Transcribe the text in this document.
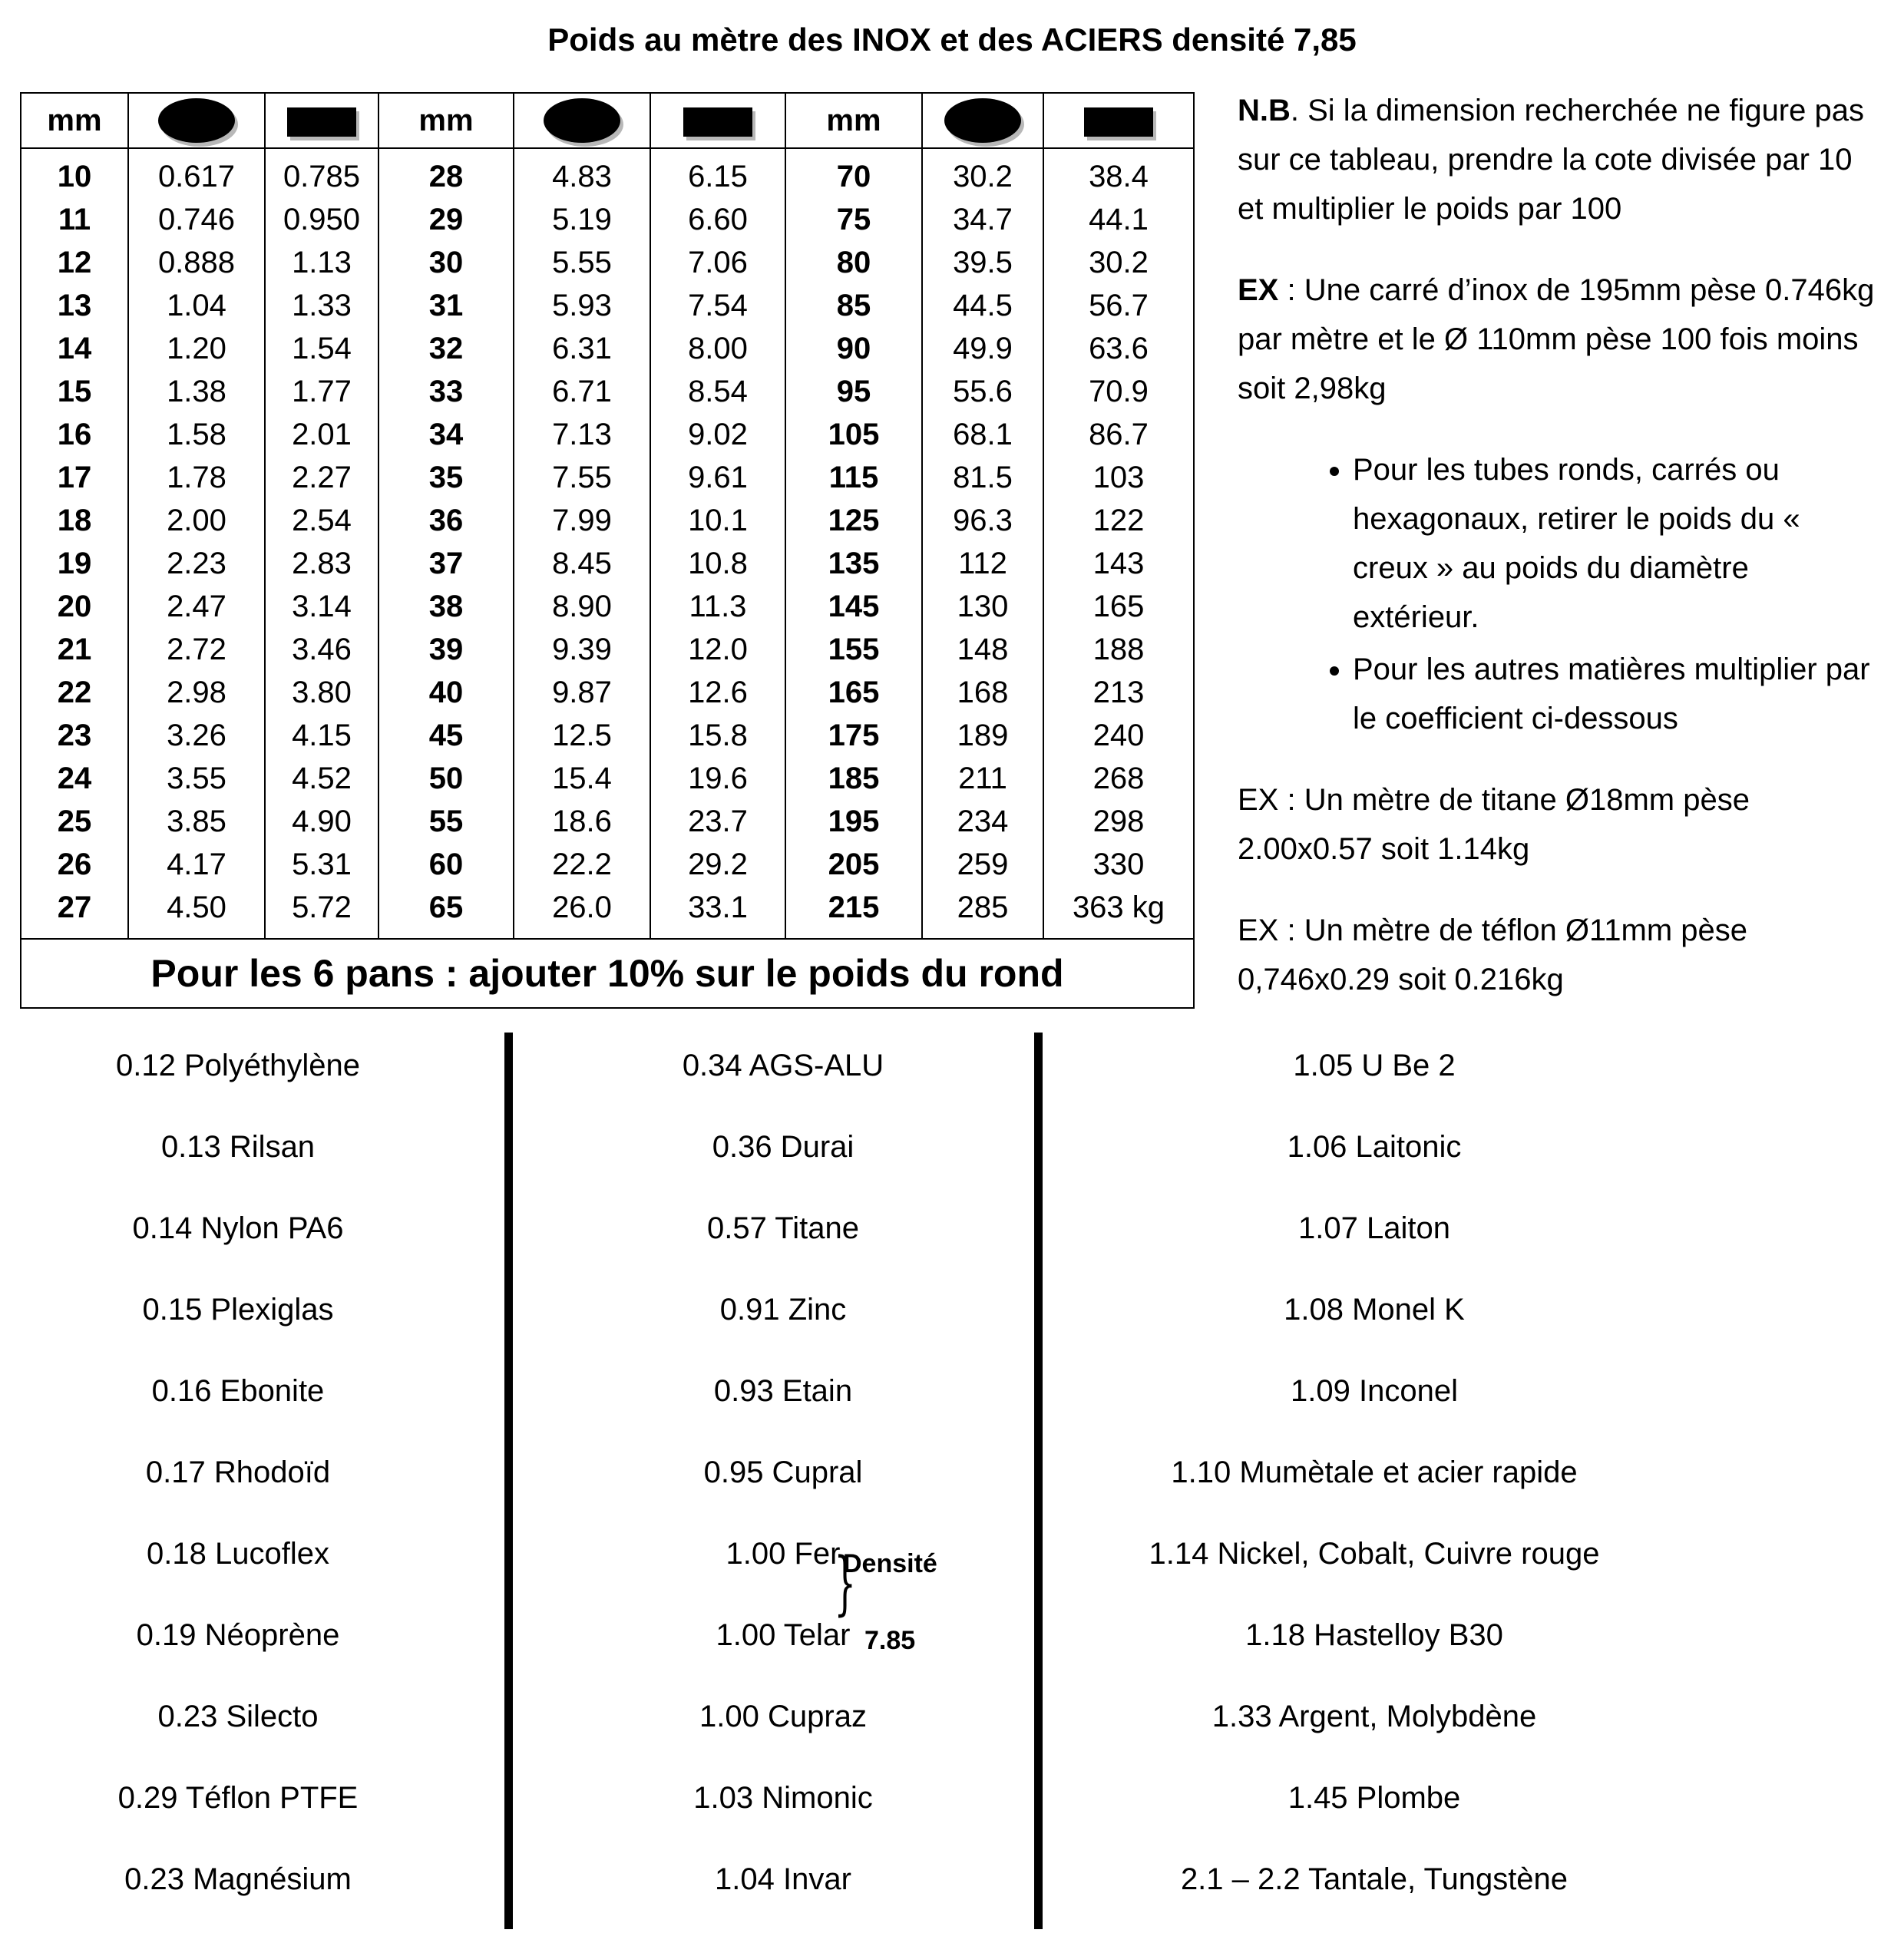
Poids au mètre des INOX et des ACIERS densité 7,85
mm			mm			mm		
10	0.617	0.785	28	4.83	6.15	70	30.2	38.4
11	0.746	0.950	29	5.19	6.60	75	34.7	44.1
12	0.888	1.13	30	5.55	7.06	80	39.5	30.2
13	1.04	1.33	31	5.93	7.54	85	44.5	56.7
14	1.20	1.54	32	6.31	8.00	90	49.9	63.6
15	1.38	1.77	33	6.71	8.54	95	55.6	70.9
16	1.58	2.01	34	7.13	9.02	105	68.1	86.7
17	1.78	2.27	35	7.55	9.61	115	81.5	103
18	2.00	2.54	36	7.99	10.1	125	96.3	122
19	2.23	2.83	37	8.45	10.8	135	112	143
20	2.47	3.14	38	8.90	11.3	145	130	165
21	2.72	3.46	39	9.39	12.0	155	148	188
22	2.98	3.80	40	9.87	12.6	165	168	213
23	3.26	4.15	45	12.5	15.8	175	189	240
24	3.55	4.52	50	15.4	19.6	185	211	268
25	3.85	4.90	55	18.6	23.7	195	234	298
26	4.17	5.31	60	22.2	29.2	205	259	330
27	4.50	5.72	65	26.0	33.1	215	285	363 kg
Pour les 6 pans : ajouter 10% sur le poids du rond								

N.B. Si la dimension recherchée ne figure pas sur ce tableau, prendre la cote divisée par 10 et multiplier le poids par 100

EX : Une carré d’inox de 195mm pèse 0.746kg par mètre et le Ø 110mm pèse 100 fois moins soit 2,98kg

• Pour les tubes ronds, carrés ou hexagonaux, retirer le poids du « creux » au poids du diamètre extérieur.
• Pour les autres matières multiplier par le coefficient ci-dessous

EX : Un mètre de titane Ø18mm pèse 2.00x0.57 soit 1.14kg

EX : Un mètre de téflon Ø11mm pèse 0,746x0.29 soit 0.216kg

0.12 Polyéthylène
0.13 Rilsan
0.14 Nylon PA6
0.15 Plexiglas
0.16 Ebonite
0.17 Rhodoïd
0.18 Lucoflex
0.19 Néoprène
0.23 Silecto
0.29 Téflon PTFE
0.23 Magnésium
0.34 AGS-ALU
0.36 Durai
0.57 Titane
0.91 Zinc
0.93 Etain
0.95 Cupral
1.00 Fer
1.00 Telar
1.00 Cupraz
1.03 Nimonic
1.04 Invar
1.05 U Be 2
1.06 Laitonic
1.07 Laiton
1.08 Monel K
1.09 Inconel
1.10 Mumètale et acier rapide
1.14 Nickel, Cobalt, Cuivre rouge
1.18 Hastelloy B30
1.33 Argent, Molybdène
1.45 Plombe
2.1 – 2.2 Tantale, Tungstène
}
Densité
7.85
